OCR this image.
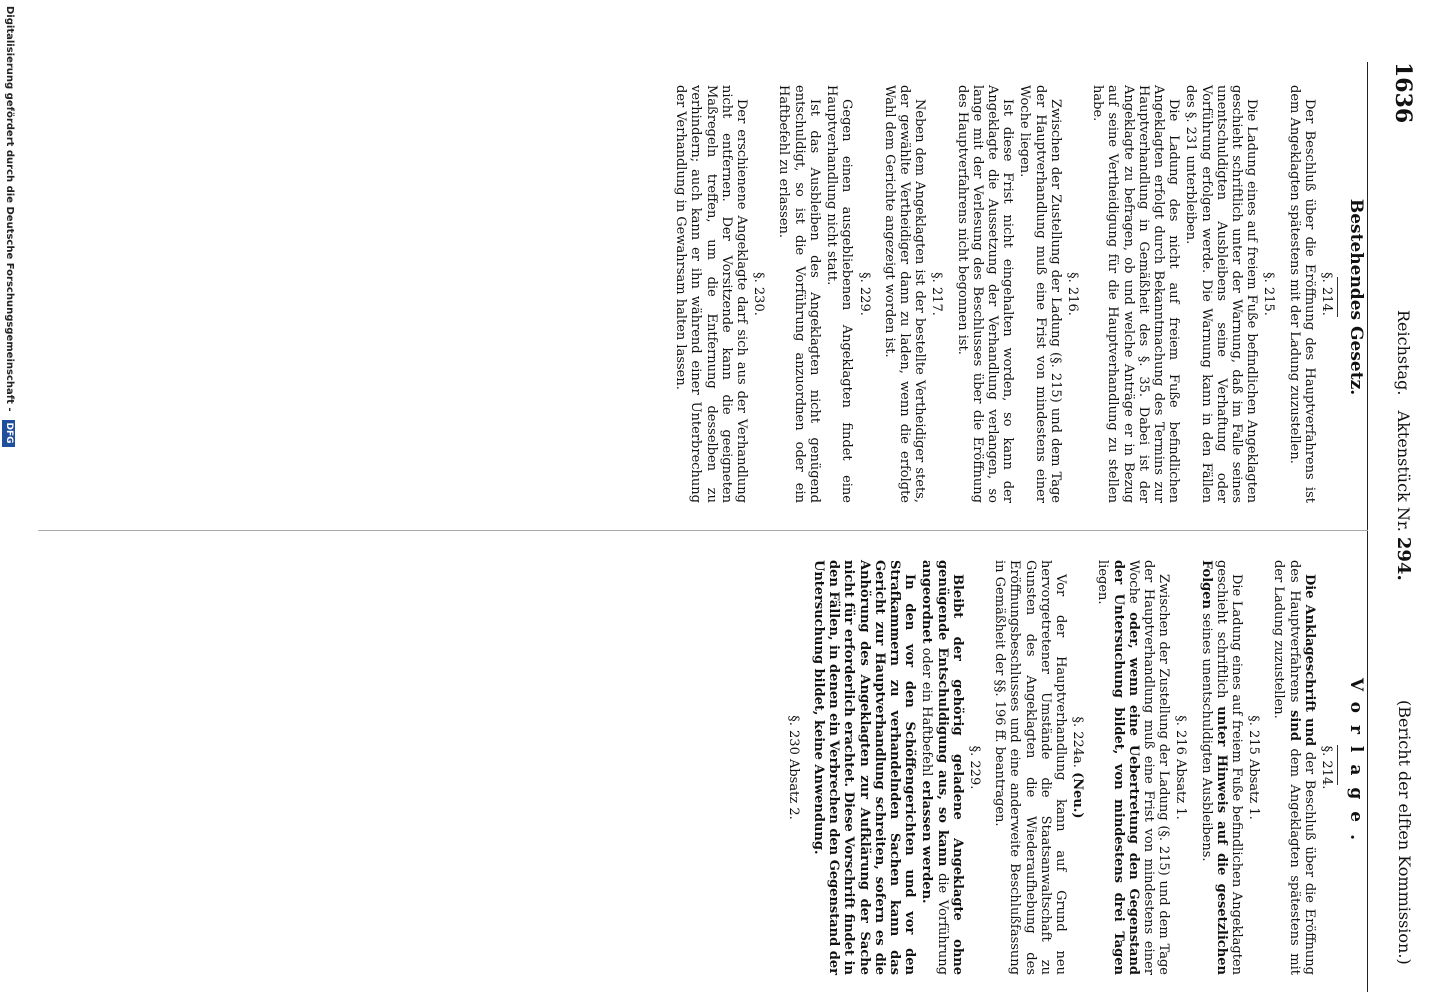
1636
Reichstag.   Aktenstück Nr. 294.
(Bericht der elften Kommission.)
Bestehendes Gesetz.
Vorlage.
§. 214.

Der Beschluß über die Eröffnung des Hauptverfahrens ist dem Angeklagten spätestens mit der Ladung zuzustellen.

§. 215.

Die Ladung eines auf freiem Fuße befindlichen Angeklagten geschieht schriftlich unter der Warnung, daß im Falle seines unentschuldigten Ausbleibens seine Verhaftung oder Vorführung erfolgen werde. Die Warnung kann in den Fällen des §. 231 unterbleiben.

Die Ladung des nicht auf freiem Fuße befindlichen Angeklagten erfolgt durch Bekanntmachung des Termins zur Hauptverhandlung in Gemäßheit des §. 35. Dabei ist der Angeklagte zu befragen, ob und welche Anträge er in Bezug auf seine Vertheidigung für die Hauptverhandlung zu stellen habe.

§. 216.

Zwischen der Zustellung der Ladung (§. 215) und dem Tage der Hauptverhandlung muß eine Frist von mindestens einer Woche liegen.

Ist diese Frist nicht eingehalten worden, so kann der Angeklagte die Aussetzung der Verhandlung verlangen, so lange mit der Verlesung des Beschlusses über die Eröffnung des Hauptverfahrens nicht begonnen ist.

§. 217.

Neben dem Angeklagten ist der bestellte Vertheidiger stets, der gewählte Vertheidiger dann zu laden, wenn die erfolgte Wahl dem Gerichte angezeigt worden ist.

§. 229.

Gegen einen ausgebliebenen Angeklagten findet eine Hauptverhandlung nicht statt.

Ist das Ausbleiben des Angeklagten nicht genügend entschuldigt, so ist die Vorführung anzuordnen oder ein Haftbefehl zu erlassen.

§. 230.

Der erschienene Angeklagte darf sich aus der Verhandlung nicht entfernen. Der Vorsitzende kann die geeigneten Maßregeln treffen, um die Entfernung desselben zu verhindern; auch kann er ihn während einer Unterbrechung der Verhandlung in Gewahrsam halten lassen.

§. 214.

Die Anklageschrift und der Beschluß über die Eröffnung des Hauptverfahrens sind dem Angeklagten spätestens mit der Ladung zuzustellen.

§. 215 Absatz 1.

Die Ladung eines auf freiem Fuße befindlichen Angeklagten geschieht schriftlich unter Hinweis auf die gesetzlichen Folgen seines unentschuldigten Ausbleibens.

§. 216 Absatz 1.

Zwischen der Zustellung der Ladung (§. 215) und dem Tage der Hauptverhandlung muß eine Frist von mindestens einer Woche oder, wenn eine Uebertretung den Gegenstand der Untersuchung bildet, von mindestens drei Tagen liegen.

§. 224a. (Neu.)

Vor der Hauptverhandlung kann auf Grund neu hervorgetretener Umstände die Staatsanwaltschaft zu Gunsten des Angeklagten die Wiederaufhebung des Eröffnungsbeschlusses und eine anderweite Beschlußfassung in Gemäßheit der §§. 196 ff. beantragen.

§. 229.

Bleibt der gehörig geladene Angeklagte ohne genügende Entschuldigung aus, so kann die Vorführung angeordnet oder ein Haftbefehl erlassen werden.

In den vor den Schöffengerichten und vor den Strafkammern zu verhandelnden Sachen kann das Gericht zur Hauptverhandlung schreiten, sofern es die Anhörung des Angeklagten zur Aufklärung der Sache nicht für erforderlich erachtet. Diese Vorschrift findet in den Fällen, in denen ein Verbrechen den Gegenstand der Untersuchung bildet, keine Anwendung.

§. 230 Absatz 2.
Digitalisierung gefördert durch die Deutsche Forschungsgemeinschaft - DFG
